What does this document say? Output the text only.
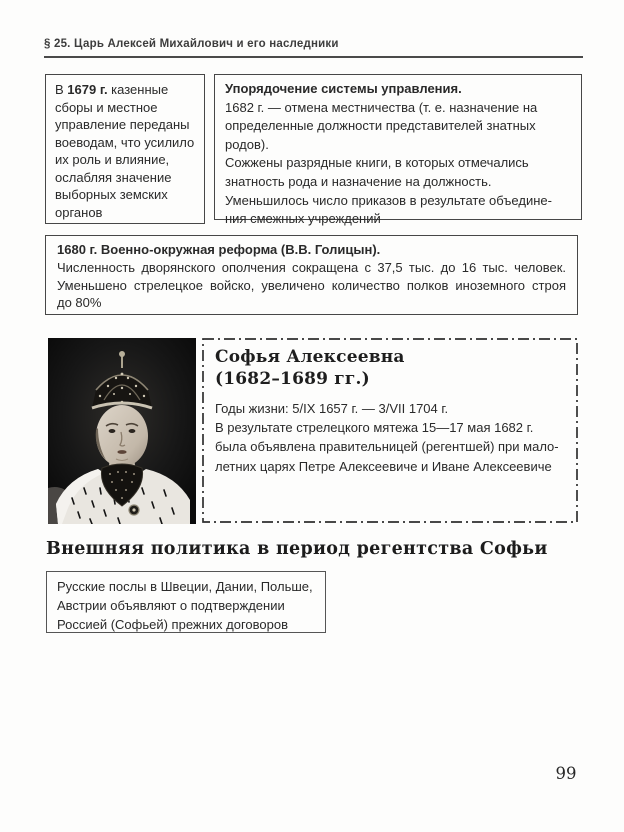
§ 25. Царь Алексей Михайлович и его наследники
В 1679 г. казенные
сборы и местное
управление переданы
воеводам, что усилило
их роль и влияние,
ослабляя значение
выборных земских
органов
Упорядочение системы управления.
1682 г. — отмена местничества (т. е. назначение на
определенные должности представителей знатных
родов).
Сожжены разрядные книги, в которых отмечались
знатность рода и назначение на должность.
Уменьшилось число приказов в результате объедине-
ния смежных учреждений
1680 г. Военно-окружная реформа (В.В. Голицын).
Численность дворянского ополчения сокращена с 37,5 тыс. до 16 тыс. человек.
Уменьшено стрелецкое войско, увеличено количество полков иноземного строя
до 80%
Софья Алексеевна
(1682–1689 гг.)
Годы жизни: 5/IX 1657 г. — 3/VII 1704 г.
В результате стрелецкого мятежа 15—17 мая 1682 г.
была объявлена правительницей (регентшей) при мало-
летних царях Петре Алексеевиче и Иване Алексеевиче
Внешняя политика в период регентства Софьи
Русские послы в Швеции, Дании, Польше,
Австрии объявляют о подтверждении
Россией (Софьей) прежних договоров
99
